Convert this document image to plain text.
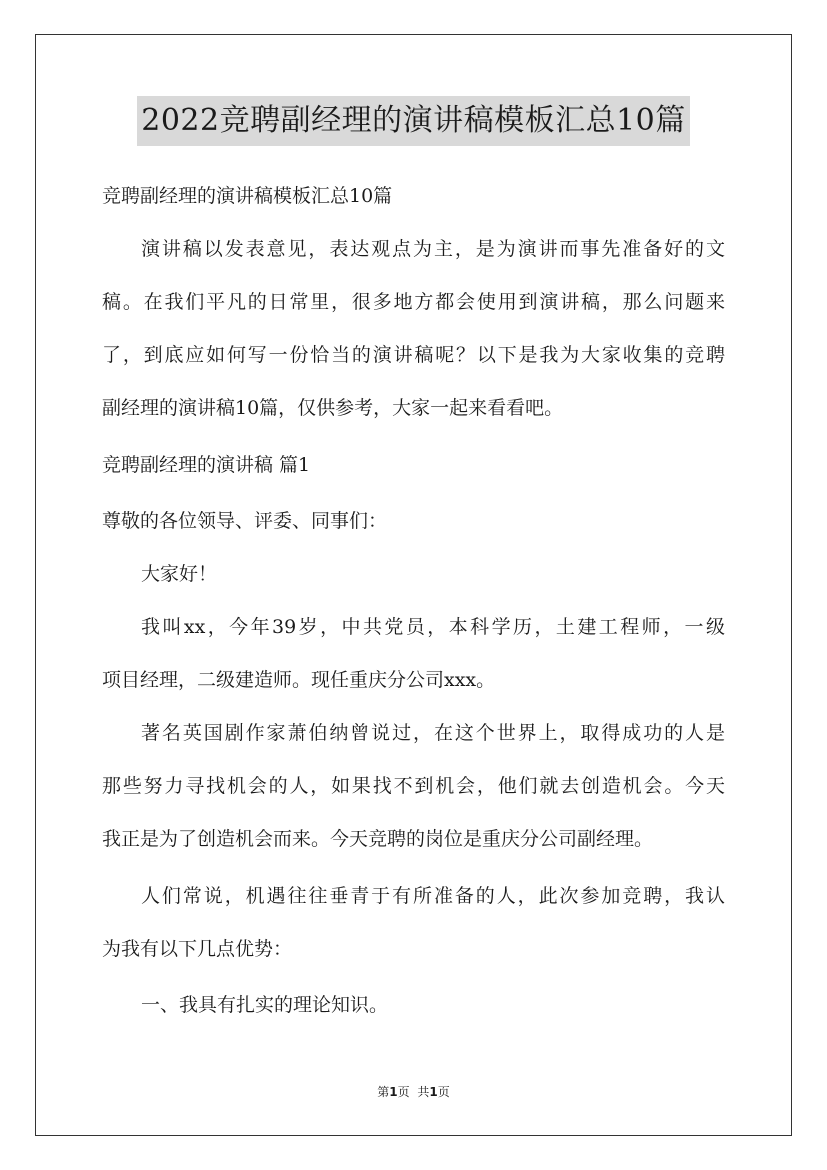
2022竞聘副经理的演讲稿模板汇总10篇
竞聘副经理的演讲稿模板汇总10篇
演讲稿以发表意见，表达观点为主，是为演讲而事先准备好的文
稿。在我们平凡的日常里，很多地方都会使用到演讲稿，那么问题来
了，到底应如何写一份恰当的演讲稿呢？以下是我为大家收集的竞聘
副经理的演讲稿10篇，仅供参考，大家一起来看看吧。
竞聘副经理的演讲稿 篇1
尊敬的各位领导、评委、同事们：
大家好！
我叫xx，今年39岁，中共党员，本科学历，土建工程师，一级
项目经理，二级建造师。现任重庆分公司xxx。
著名英国剧作家萧伯纳曾说过，在这个世界上，取得成功的人是
那些努力寻找机会的人，如果找不到机会，他们就去创造机会。今天
我正是为了创造机会而来。今天竞聘的岗位是重庆分公司副经理。
人们常说，机遇往往垂青于有所准备的人，此次参加竞聘，我认
为我有以下几点优势：
一、我具有扎实的理论知识。
第1页 共1页
